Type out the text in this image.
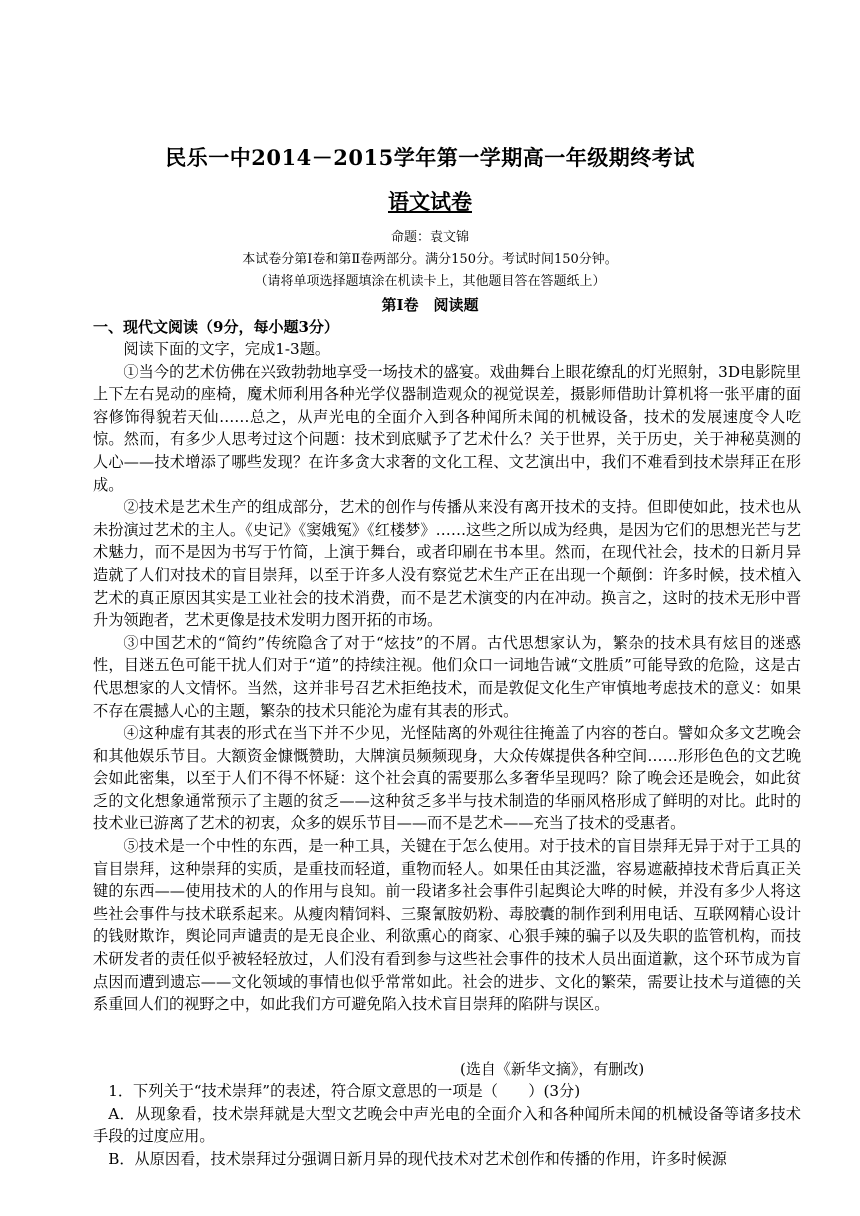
民乐一中2014－2015学年第一学期高一年级期终考试
语文试卷
命题：袁文锦
本试卷分第Ⅰ卷和第Ⅱ卷两部分。满分150分。考试时间150分钟。
（请将单项选择题填涂在机读卡上，其他题目答在答题纸上）
第Ⅰ卷　阅读题
一、现代文阅读（9分，每小题3分）

阅读下面的文字，完成1-3题。

①当今的艺术仿佛在兴致勃勃地享受一场技术的盛宴。戏曲舞台上眼花缭乱的灯光照射，3D电影院里上下左右晃动的座椅，魔术师利用各种光学仪器制造观众的视觉误差，摄影师借助计算机将一张平庸的面容修饰得貌若天仙……总之，从声光电的全面介入到各种闻所未闻的机械设备，技术的发展速度令人吃惊。然而，有多少人思考过这个问题：技术到底赋予了艺术什么？关于世界，关于历史，关于神秘莫测的人心——技术增添了哪些发现？在许多贪大求奢的文化工程、文艺演出中，我们不难看到技术崇拜正在形成。

②技术是艺术生产的组成部分，艺术的创作与传播从来没有离开技术的支持。但即使如此，技术也从未扮演过艺术的主人。《史记》《窦娥冤》《红楼梦》……这些之所以成为经典，是因为它们的思想光芒与艺术魅力，而不是因为书写于竹简，上演于舞台，或者印刷在书本里。然而，在现代社会，技术的日新月异造就了人们对技术的盲目崇拜，以至于许多人没有察觉艺术生产正在出现一个颠倒：许多时候，技术植入艺术的真正原因其实是工业社会的技术消费，而不是艺术演变的内在冲动。换言之，这时的技术无形中晋升为领跑者，艺术更像是技术发明力图开拓的市场。

③中国艺术的“简约”传统隐含了对于“炫技”的不屑。古代思想家认为，繁杂的技术具有炫目的迷惑性，目迷五色可能干扰人们对于“道”的持续注视。他们众口一词地告诫“文胜质”可能导致的危险，这是古代思想家的人文情怀。当然，这并非号召艺术拒绝技术，而是敦促文化生产审慎地考虑技术的意义：如果不存在震撼人心的主题，繁杂的技术只能沦为虚有其表的形式。

④这种虚有其表的形式在当下并不少见，光怪陆离的外观往往掩盖了内容的苍白。譬如众多文艺晚会和其他娱乐节目。大额资金慷慨赞助，大牌演员频频现身，大众传媒提供各种空间……形形色色的文艺晚会如此密集，以至于人们不得不怀疑：这个社会真的需要那么多奢华呈现吗？除了晚会还是晚会，如此贫乏的文化想象通常预示了主题的贫乏——这种贫乏多半与技术制造的华丽风格形成了鲜明的对比。此时的技术业已游离了艺术的初衷，众多的娱乐节目——而不是艺术——充当了技术的受惠者。

⑤技术是一个中性的东西，是一种工具，关键在于怎么使用。对于技术的盲目崇拜无异于对于工具的盲目崇拜，这种崇拜的实质，是重技而轻道，重物而轻人。如果任由其泛滥，容易遮蔽掉技术背后真正关键的东西——使用技术的人的作用与良知。前一段诸多社会事件引起舆论大哗的时候，并没有多少人将这些社会事件与技术联系起来。从瘦肉精饲料、三聚氰胺奶粉、毒胶囊的制作到利用电话、互联网精心设计的钱财欺诈，舆论同声谴责的是无良企业、利欲熏心的商家、心狠手辣的骗子以及失职的监管机构，而技术研发者的责任似乎被轻轻放过，人们没有看到参与这些社会事件的技术人员出面道歉，这个环节成为盲点因而遭到遗忘——文化领域的事情也似乎常常如此。社会的进步、文化的繁荣，需要让技术与道德的关系重回人们的视野之中，如此我们方可避免陷入技术盲目崇拜的陷阱与误区。

(选自《新华文摘》，有删改)

1．下列关于“技术崇拜”的表述，符合原文意思的一项是（　　）(3分)

A．从现象看，技术崇拜就是大型文艺晚会中声光电的全面介入和各种闻所未闻的机械设备等诸多技术手段的过度应用。

B．从原因看，技术崇拜过分强调日新月异的现代技术对艺术创作和传播的作用，许多时候源
